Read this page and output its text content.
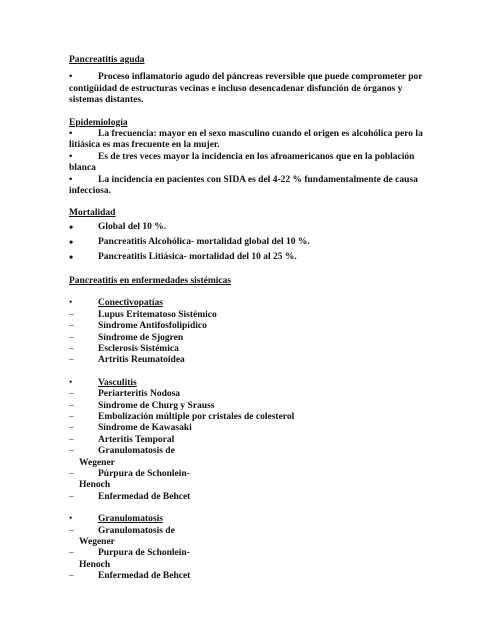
Pancreatitis aguda

•	Proceso inflamatorio agudo del páncreas reversible que puede comprometer por contigüidad de estructuras vecinas e incluso desencadenar disfunción de órganos y sistemas distantes.

Epidemiología

•	La frecuencia: mayor en el sexo masculino cuando el origen es alcohólica pero la litiásica es mas frecuente en la mujer.

•	Es de tres veces mayor la incidencia en los afroamericanos que en la población blanca

•	La incidencia en pacientes con SIDA es del 4-22 % fundamentalmente de causa infecciosa.

Mortalidad

•	Global del 10 %.
•	Pancreatitis Alcohólica- mortalidad global del 10 %.
•	Pancreatitis Litiásica- mortalidad del 10 al 25 %.

Pancreatitis en enfermedades sistémicas

•	Conectivopatías
–	Lupus Eritematoso Sistémico
–	Síndrome Antifosfolipídico
–	Síndrome de Sjogren
–	Esclerosis Sistémica
–	Artritis Reumatoidea
•	Vasculitis
–	Periarteritis Nodosa
–	Síndrome de Churg y Srauss
–	Embolización múltiple por cristales de colesterol
–	Síndrome de Kawasaki
–	Arteritis Temporal
–	Granulomatosis de
Wegener
–	Púrpura de Schonlein-
Henoch
–	Enfermedad de Behcet
•	Granulomatosis
–	Granulomatosis de
Wegener
–	Purpura de Schonlein-
Henoch
–	Enfermedad de Behcet
